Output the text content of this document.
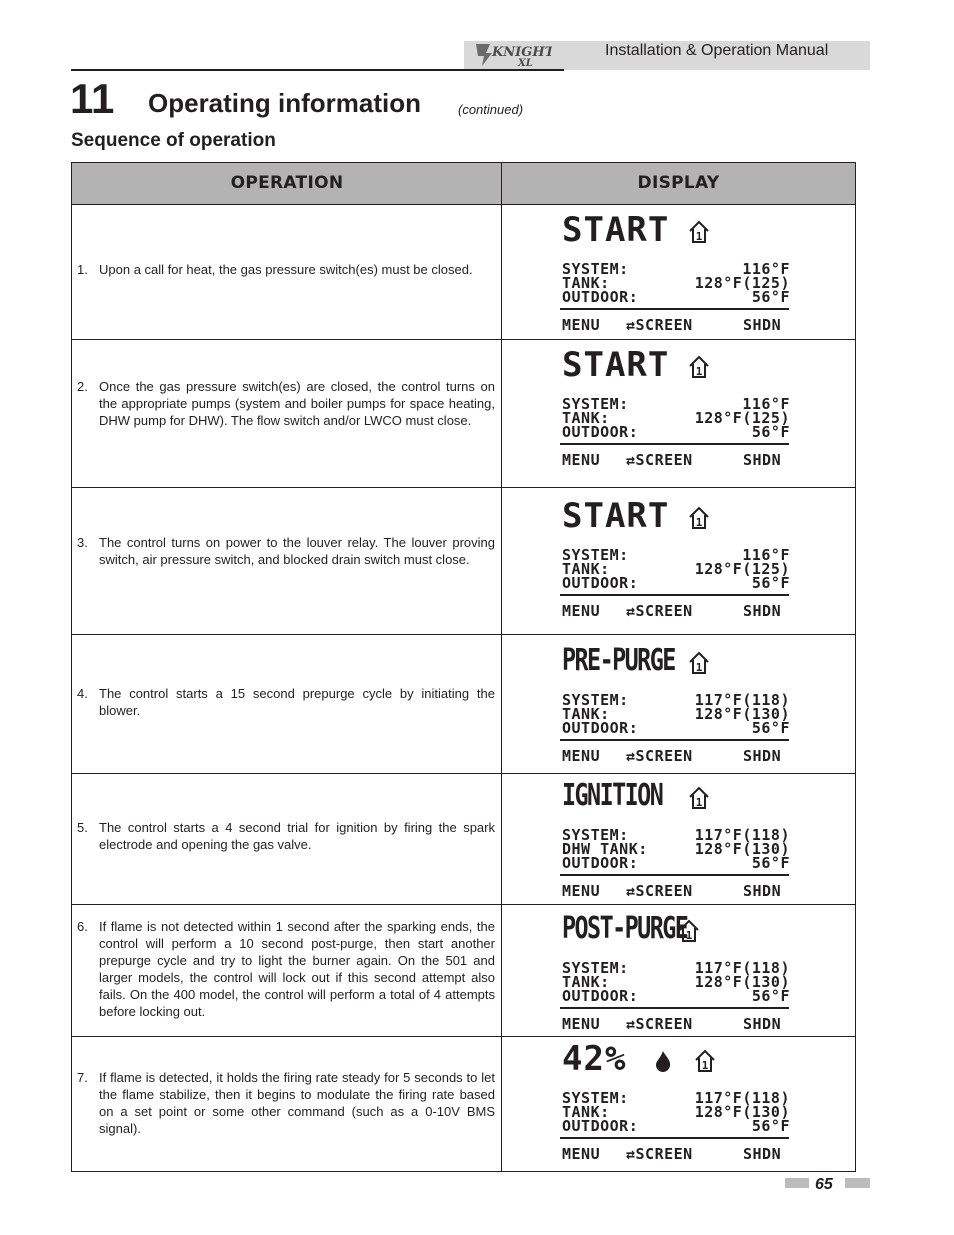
KNIGHT
XL
Installation & Operation Manual
11 Operating information	(continued)
Sequence of operation
OPERATION	DISPLAY
1. Upon a call for heat, the gas pressure switch(es) must be closed.
START 1
SYSTEM:	116°F
TANK:	128°F(125)
OUTDOOR:	56°F
MENU ⇄SCREEN	SHDN
2. Once the gas pressure switch(es) are closed, the control turns on the appropriate pumps (system and boiler pumps for space heating, DHW pump for DHW). The flow switch and/or LWCO must close.
START 1
SYSTEM:	116°F
TANK:	128°F(125)
OUTDOOR:	56°F
MENU ⇄SCREEN	SHDN
3. The control turns on power to the louver relay. The louver proving switch, air pressure switch, and blocked drain switch must close.
START 1
SYSTEM:	116°F
TANK:	128°F(125)
OUTDOOR:	56°F
MENU ⇄SCREEN	SHDN
4. The control starts a 15 second prepurge cycle by initiating the blower.
PRE-PURGE 1
SYSTEM:	117°F(118)
TANK:	128°F(130)
OUTDOOR:	56°F
MENU ⇄SCREEN	SHDN
5. The control starts a 4 second trial for ignition by firing the spark electrode and opening the gas valve.
IGNITION	1
SYSTEM:	117°F(118)
DHW TANK:	128°F(130)
OUTDOOR:	56°F
MENU ⇄SCREEN	SHDN
6. If flame is not detected within 1 second after the sparking ends, the control will perform a 10 second post-purge, then start another prepurge cycle and try to light the burner again. On the 501 and larger models, the control will lock out if this second attempt also fails. On the 400 model, the control will perform a total of 4 attempts before locking out.
POST-PURGE
1
SYSTEM:	117°F(118)
TANK:	128°F(130)
OUTDOOR:	56°F
MENU ⇄SCREEN	SHDN
7. If flame is detected, it holds the firing rate steady for 5 seconds to let the flame stabilize, then it begins to modulate the firing rate based on a set point or some other command (such as a 0-10V BMS signal).
42%	1
SYSTEM:	117°F(118)
TANK:	128°F(130)
OUTDOOR:	56°F
MENU ⇄SCREEN	SHDN
65
